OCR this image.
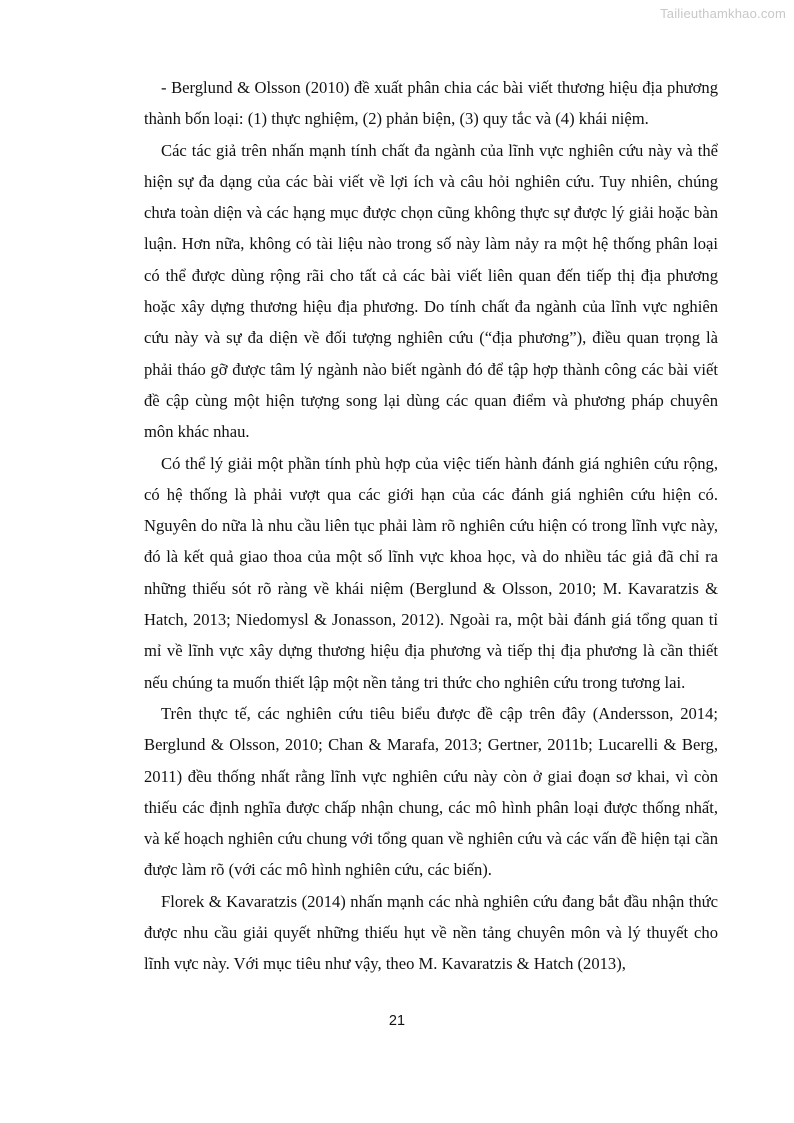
Tailieuthamkhao.com

- Berglund & Olsson (2010) đề xuất phân chia các bài viết thương hiệu địa phương thành bốn loại: (1) thực nghiệm, (2) phản biện, (3) quy tắc và (4) khái niệm.

Các tác giả trên nhấn mạnh tính chất đa ngành của lĩnh vực nghiên cứu này và thể hiện sự đa dạng của các bài viết về lợi ích và câu hỏi nghiên cứu. Tuy nhiên, chúng chưa toàn diện và các hạng mục được chọn cũng không thực sự được lý giải hoặc bàn luận. Hơn nữa, không có tài liệu nào trong số này làm nảy ra một hệ thống phân loại có thể được dùng rộng rãi cho tất cả các bài viết liên quan đến tiếp thị địa phương hoặc xây dựng thương hiệu địa phương. Do tính chất đa ngành của lĩnh vực nghiên cứu này và sự đa diện về đối tượng nghiên cứu (“địa phương”), điều quan trọng là phải tháo gỡ được tâm lý ngành nào biết ngành đó để tập hợp thành công các bài viết đề cập cùng một hiện tượng song lại dùng các quan điểm và phương pháp chuyên môn khác nhau.

Có thể lý giải một phần tính phù hợp của việc tiến hành đánh giá nghiên cứu rộng, có hệ thống là phải vượt qua các giới hạn của các đánh giá nghiên cứu hiện có. Nguyên do nữa là nhu cầu liên tục phải làm rõ nghiên cứu hiện có trong lĩnh vực này, đó là kết quả giao thoa của một số lĩnh vực khoa học, và do nhiều tác giả đã chỉ ra những thiếu sót rõ ràng về khái niệm (Berglund & Olsson, 2010; M. Kavaratzis & Hatch, 2013; Niedomysl & Jonasson, 2012). Ngoài ra, một bài đánh giá tổng quan tỉ mỉ về lĩnh vực xây dựng thương hiệu địa phương và tiếp thị địa phương là cần thiết nếu chúng ta muốn thiết lập một nền tảng tri thức cho nghiên cứu trong tương lai.

Trên thực tế, các nghiên cứu tiêu biểu được đề cập trên đây (Andersson, 2014; Berglund & Olsson, 2010; Chan & Marafa, 2013; Gertner, 2011b; Lucarelli & Berg, 2011) đều thống nhất rằng lĩnh vực nghiên cứu này còn ở giai đoạn sơ khai, vì còn thiếu các định nghĩa được chấp nhận chung, các mô hình phân loại được thống nhất, và kế hoạch nghiên cứu chung với tổng quan về nghiên cứu và các vấn đề hiện tại cần được làm rõ (với các mô hình nghiên cứu, các biến).

Florek & Kavaratzis (2014) nhấn mạnh các nhà nghiên cứu đang bắt đầu nhận thức được nhu cầu giải quyết những thiếu hụt về nền tảng chuyên môn và lý thuyết cho lĩnh vực này. Với mục tiêu như vậy, theo M. Kavaratzis & Hatch (2013),

21
